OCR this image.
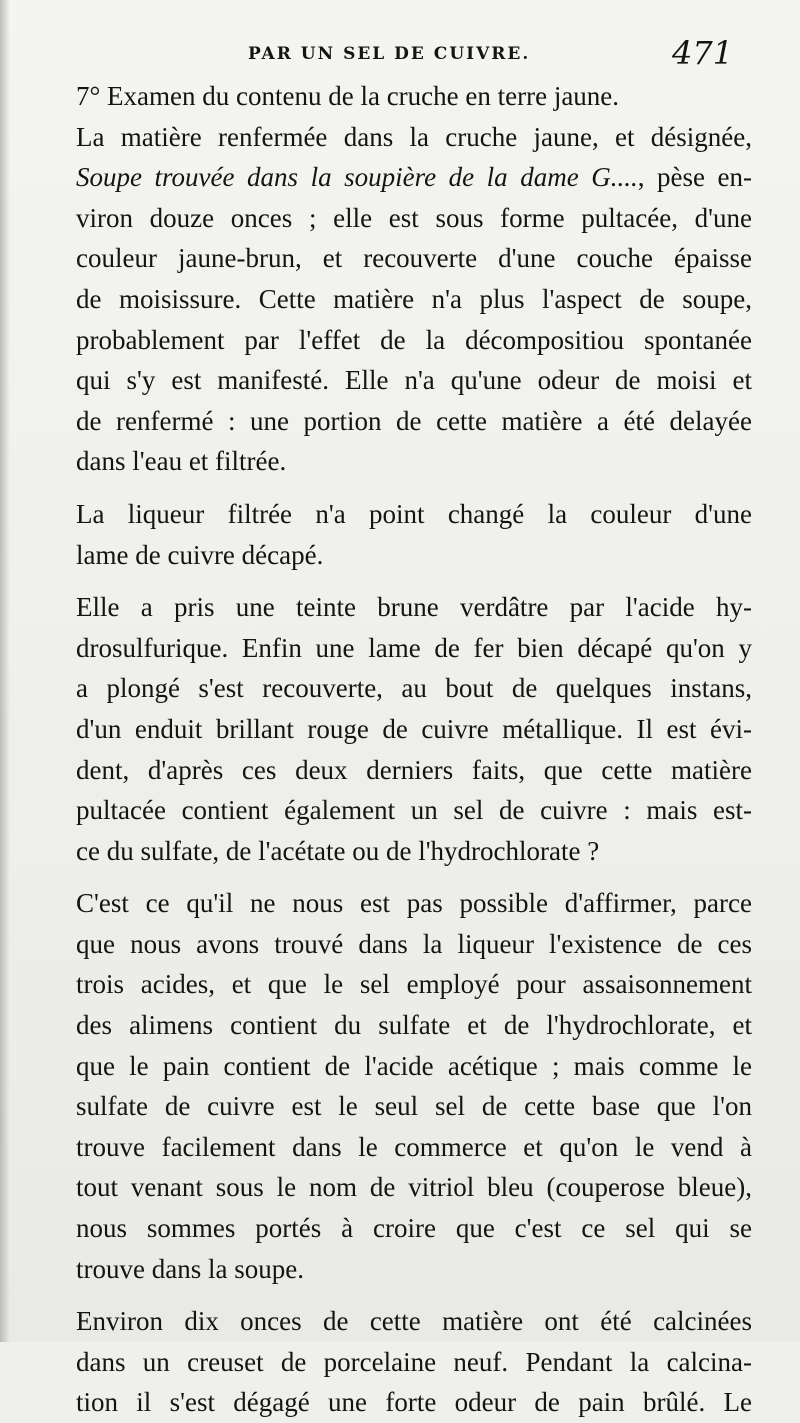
PAR UN SEL DE CUIVRE.	471

7° Examen du contenu de la cruche en terre jaune.

La matière renfermée dans la cruche jaune, et désignée,
Soupe trouvée dans la soupière de la dame G...., pèse en-
viron douze onces ; elle est sous forme pultacée, d'une
couleur jaune-brun, et recouverte d'une couche épaisse
de moisissure. Cette matière n'a plus l'aspect de soupe,
probablement par l'effet de la décompositiou spontanée
qui s'y est manifesté. Elle n'a qu'une odeur de moisi et
de renfermé : une portion de cette matière a été delayée
dans l'eau et filtrée.

La liqueur filtrée n'a point changé la couleur d'une
lame de cuivre décapé.

Elle a pris une teinte brune verdâtre par l'acide hy-
drosulfurique. Enfin une lame de fer bien décapé qu'on y
a plongé s'est recouverte, au bout de quelques instans,
d'un enduit brillant rouge de cuivre métallique. Il est évi-
dent, d'après ces deux derniers faits, que cette matière
pultacée contient également un sel de cuivre : mais est-
ce du sulfate, de l'acétate ou de l'hydrochlorate ?

C'est ce qu'il ne nous est pas possible d'affirmer, parce
que nous avons trouvé dans la liqueur l'existence de ces
trois acides, et que le sel employé pour assaisonnement
des alimens contient du sulfate et de l'hydrochlorate, et
que le pain contient de l'acide acétique ; mais comme le
sulfate de cuivre est le seul sel de cette base que l'on
trouve facilement dans le commerce et qu'on le vend à
tout venant sous le nom de vitriol bleu (couperose bleue),
nous sommes portés à croire que c'est ce sel qui se
trouve dans la soupe.

Environ dix onces de cette matière ont été calcinées
dans un creuset de porcelaine neuf. Pendant la calcina-
tion il s'est dégagé une forte odeur de pain brûlé. Le
